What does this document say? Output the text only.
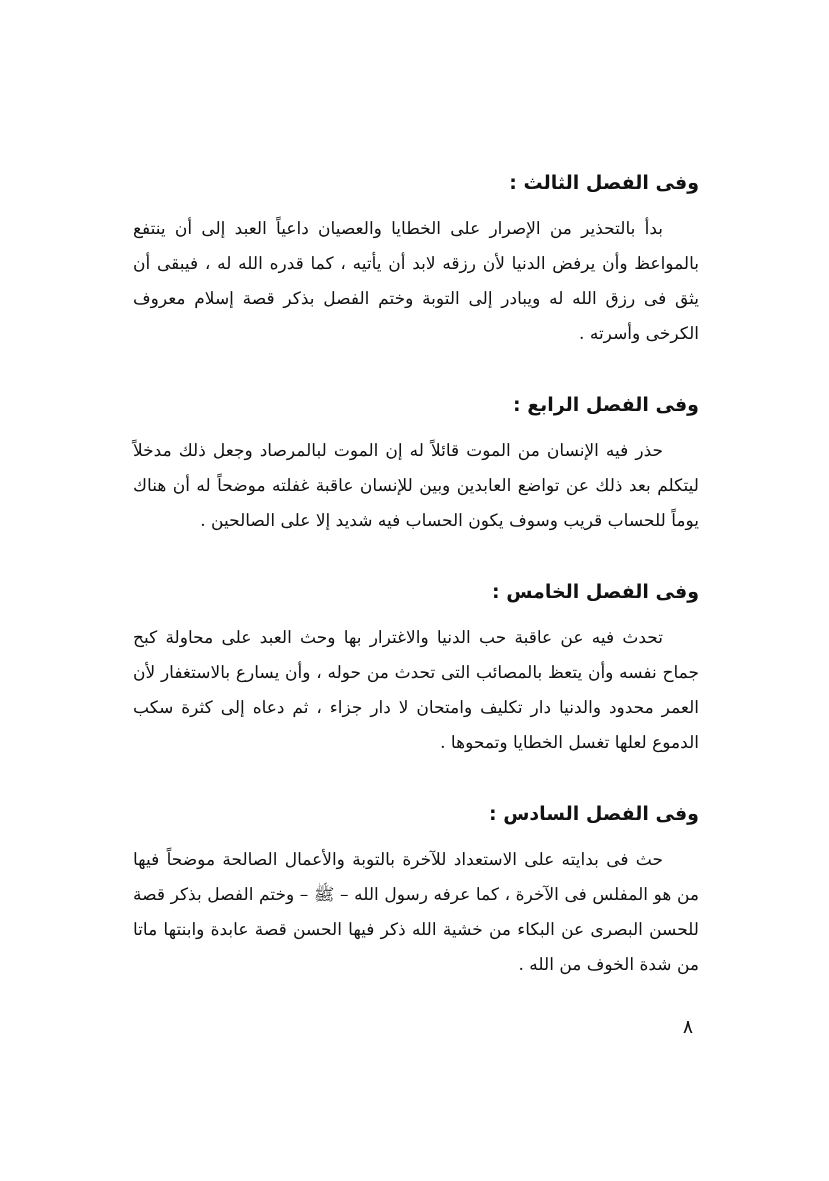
وفى الفصل الثالث :

بدأ بالتحذير من الإصرار على الخطايا والعصيان داعياً العبد إلى أن ينتفع بالمواعظ وأن يرفض الدنيا لأن رزقه لابد أن يأتيه ، كما قدره الله له ، فيبقى أن يثق فى رزق الله له ويبادر إلى التوبة وختم الفصل بذكر قصة إسلام معروف الكرخى وأسرته .

وفى الفصل الرابع :

حذر فيه الإنسان من الموت قائلاً له إن الموت لبالمرصاد وجعل ذلك مدخلاً ليتكلم بعد ذلك عن تواضع العابدين وبين للإنسان عاقبة غفلته موضحاً له أن هناك يوماً للحساب قريب وسوف يكون الحساب فيه شديد إلا على الصالحين .

وفى الفصل الخامس :

تحدث فيه عن عاقبة حب الدنيا والاغترار بها وحث العبد على محاولة كبح جماح نفسه وأن يتعظ بالمصائب التى تحدث من حوله ، وأن يسارع بالاستغفار لأن العمر محدود والدنيا دار تكليف وامتحان لا دار جزاء ، ثم دعاه إلى كثرة سكب الدموع لعلها تغسل الخطايا وتمحوها .

وفى الفصل السادس :

حث فى بدايته على الاستعداد للآخرة بالتوبة والأعمال الصالحة موضحاً فيها من هو المفلس فى الآخرة ، كما عرفه رسول الله – ﷺ – وختم الفصل بذكر قصة للحسن البصرى عن البكاء من خشية الله ذكر فيها الحسن قصة عابدة وابنتها ماتا من شدة الخوف من الله .

٨
